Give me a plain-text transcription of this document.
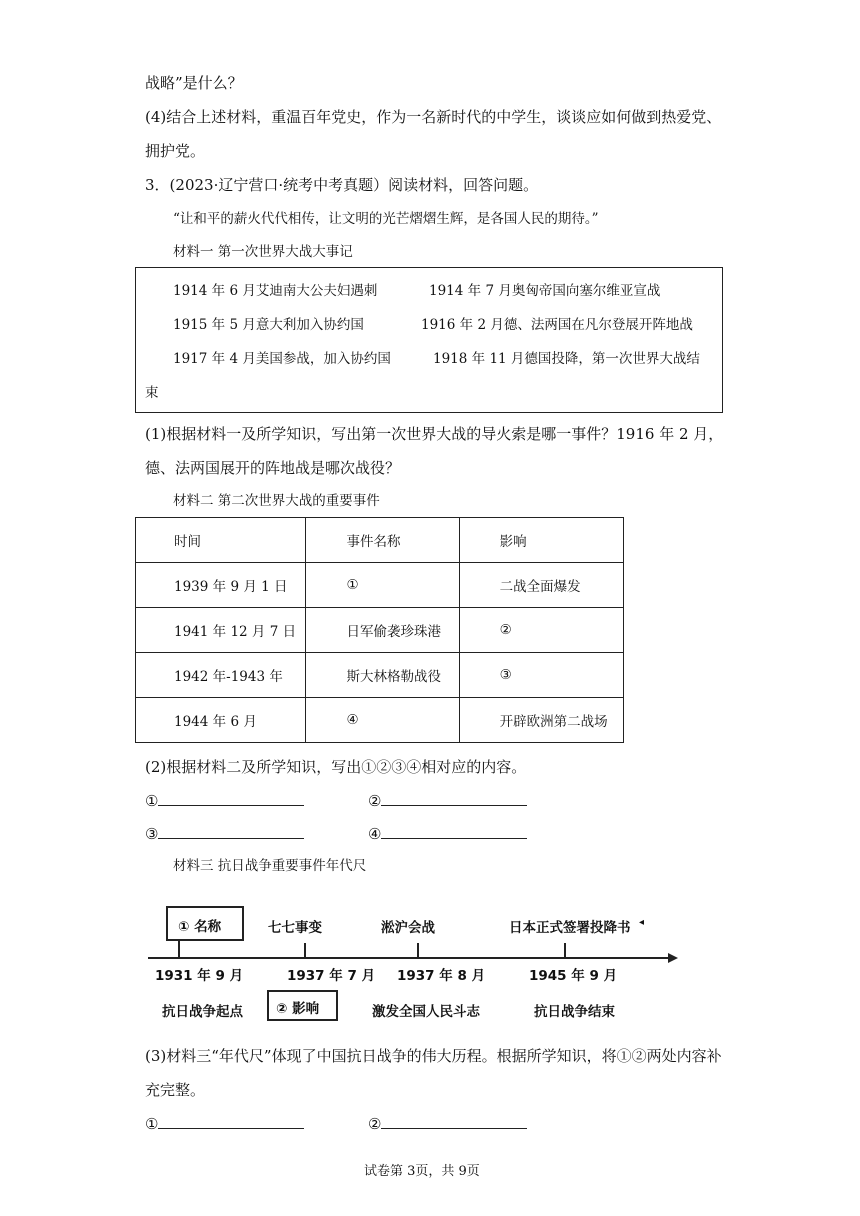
战略”是什么？
(4)结合上述材料，重温百年党史，作为一名新时代的中学生，谈谈应如何做到热爱党、
拥护党。
3．(2023·辽宁营口·统考中考真题）阅读材料，回答问题。
“让和平的薪火代代相传，让文明的光芒熠熠生辉，是各国人民的期待。”
材料一 第一次世界大战大事记
1914 年 6 月艾迪南大公夫妇遇刺	1914 年 7 月奥匈帝国向塞尔维亚宣战
1915 年 5 月意大利加入协约国	1916 年 2 月德、法两国在凡尔登展开阵地战
1917 年 4 月美国参战，加入协约国	1918 年 11 月德国投降，第一次世界大战结
束
(1)根据材料一及所学知识，写出第一次世界大战的导火索是哪一事件？1916 年 2 月，
德、法两国展开的阵地战是哪次战役？
材料二 第二次世界大战的重要事件
时间	事件名称	影响
1939 年 9 月 1 日	①	二战全面爆发
1941 年 12 月 7 日	日军偷袭珍珠港	②
1942 年-1943 年	斯大林格勒战役	③
1944 年 6 月	④	开辟欧洲第二战场
(2)根据材料二及所学知识，写出①②③④相对应的内容。
①	②
③	④
材料三 抗日战争重要事件年代尺
① 名称	七七事变	淞沪会战	日本正式签署投降书 ◂
1931 年 9 月	1937 年 7 月 1937 年 8 月	1945 年 9 月
抗日战争起点 ② 影响	激发全国人民斗志	抗日战争结束
(3)材料三“年代尺”体现了中国抗日战争的伟大历程。根据所学知识，将①②两处内容补
充完整。
①	②
试卷第 3页，共 9页
